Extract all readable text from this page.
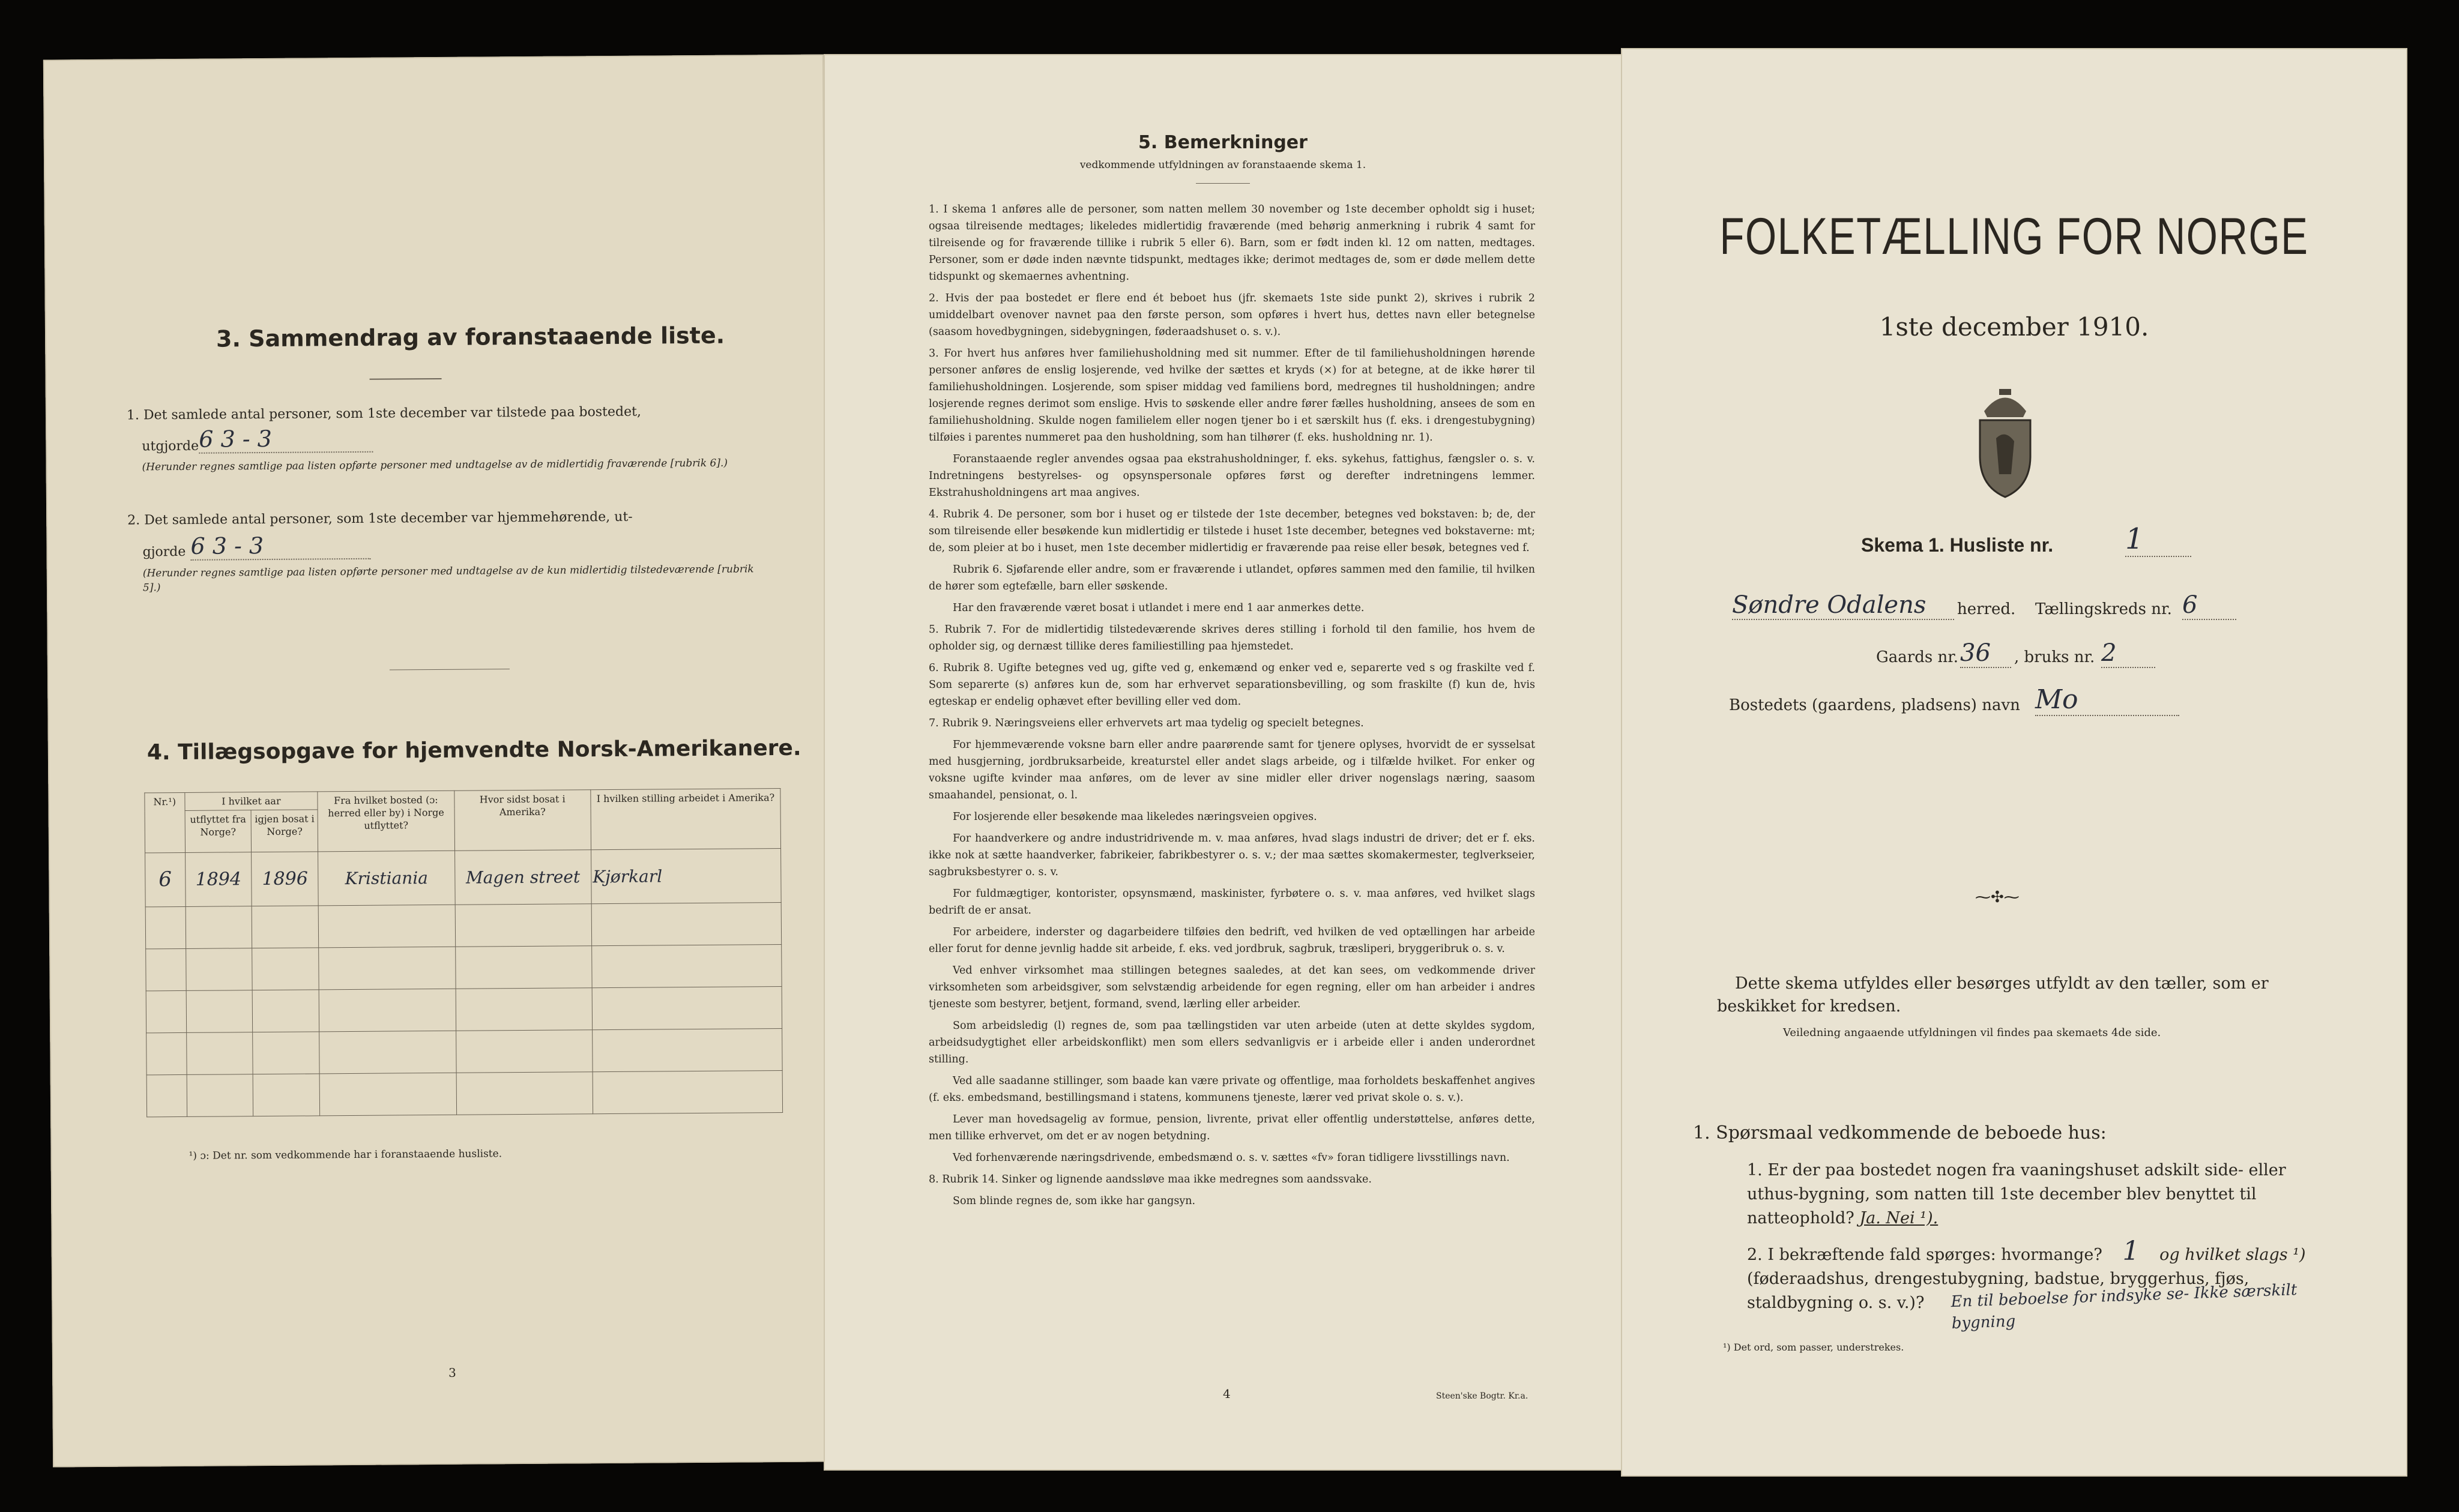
3. Sammendrag av foranstaaende liste.
1. Det samlede antal personer, som 1ste december var tilstede paa bostedet,
utgjorde 6 3 - 3
(Herunder regnes samtlige paa listen opførte personer med undtagelse av de midlertidig fraværende [rubrik 6].)
2. Det samlede antal personer, som 1ste december var hjemmehørende, ut-
gjorde 6 3 - 3
(Herunder regnes samtlige paa listen opførte personer med undtagelse av de kun midlertidig tilstedeværende [rubrik 5].)
4. Tillægsopgave for hjemvendte Norsk-Amerikanere.
Nr.¹)	I hvilket aar		Fra hvilket bosted (ɔ: herred eller by) i Norge utflyttet?	Hvor sidst bosat i Amerika?	I hvilken stilling arbeidet i Amerika?
	utflyttet fra Norge?	igjen bosat i Norge?			
6	1894	1896	Kristiania	Magen street	Kjørkarl

¹) ɔ: Det nr. som vedkommende har i foranstaaende husliste.
3
5. Bemerkninger
vedkommende utfyldningen av foranstaaende skema 1.

1. I skema 1 anføres alle de personer, som natten mellem 30 november og 1ste december opholdt sig i huset; ogsaa tilreisende medtages; likeledes midlertidig fraværende (med behørig anmerkning i rubrik 4 samt for tilreisende og for fraværende tillike i rubrik 5 eller 6). Barn, som er født inden kl. 12 om natten, medtages. Personer, som er døde inden nævnte tidspunkt, medtages ikke; derimot medtages de, som er døde mellem dette tidspunkt og skemaernes avhentning.

2. Hvis der paa bostedet er flere end ét beboet hus (jfr. skemaets 1ste side punkt 2), skrives i rubrik 2 umiddelbart ovenover navnet paa den første person, som opføres i hvert hus, dettes navn eller betegnelse (saasom hovedbygningen, sidebygningen, føderaadshuset o. s. v.).

3. For hvert hus anføres hver familiehusholdning med sit nummer. Efter de til familiehusholdningen hørende personer anføres de enslig losjerende, ved hvilke der sættes et kryds (×) for at betegne, at de ikke hører til familiehusholdningen. Losjerende, som spiser middag ved familiens bord, medregnes til husholdningen; andre losjerende regnes derimot som enslige. Hvis to søskende eller andre fører fælles husholdning, ansees de som en familiehusholdning. Skulde nogen familielem eller nogen tjener bo i et særskilt hus (f. eks. i drengestubygning) tilføies i parentes nummeret paa den husholdning, som han tilhører (f. eks. husholdning nr. 1).

Foranstaaende regler anvendes ogsaa paa ekstrahusholdninger, f. eks. sykehus, fattighus, fængsler o. s. v. Indretningens bestyrelses- og opsynspersonale opføres først og derefter indretningens lemmer. Ekstrahusholdningens art maa angives.

4. Rubrik 4. De personer, som bor i huset og er tilstede der 1ste december, betegnes ved bokstaven: b; de, der som tilreisende eller besøkende kun midlertidig er tilstede i huset 1ste december, betegnes ved bokstaverne: mt; de, som pleier at bo i huset, men 1ste december midlertidig er fraværende paa reise eller besøk, betegnes ved f.

Rubrik 6. Sjøfarende eller andre, som er fraværende i utlandet, opføres sammen med den familie, til hvilken de hører som egtefælle, barn eller søskende.

Har den fraværende været bosat i utlandet i mere end 1 aar anmerkes dette.

5. Rubrik 7. For de midlertidig tilstedeværende skrives deres stilling i forhold til den familie, hos hvem de opholder sig, og dernæst tillike deres familiestilling paa hjemstedet.

6. Rubrik 8. Ugifte betegnes ved ug, gifte ved g, enkemænd og enker ved e, separerte ved s og fraskilte ved f. Som separerte (s) anføres kun de, som har erhvervet separationsbevilling, og som fraskilte (f) kun de, hvis egteskap er endelig ophævet efter bevilling eller ved dom.

7. Rubrik 9. Næringsveiens eller erhvervets art maa tydelig og specielt betegnes.

For hjemmeværende voksne barn eller andre paarørende samt for tjenere oplyses, hvorvidt de er sysselsat med husgjerning, jordbruksarbeide, kreaturstel eller andet slags arbeide, og i tilfælde hvilket. For enker og voksne ugifte kvinder maa anføres, om de lever av sine midler eller driver nogenslags næring, saasom smaahandel, pensionat, o. l.

For losjerende eller besøkende maa likeledes næringsveien opgives.

For haandverkere og andre industridrivende m. v. maa anføres, hvad slags industri de driver; det er f. eks. ikke nok at sætte haandverker, fabrikeier, fabrikbestyrer o. s. v.; der maa sættes skomakermester, teglverkseier, sagbruksbestyrer o. s. v.

For fuldmægtiger, kontorister, opsynsmænd, maskinister, fyrbøtere o. s. v. maa anføres, ved hvilket slags bedrift de er ansat.

For arbeidere, inderster og dagarbeidere tilføies den bedrift, ved hvilken de ved optællingen har arbeide eller forut for denne jevnlig hadde sit arbeide, f. eks. ved jordbruk, sagbruk, træsliperi, bryggeribruk o. s. v.

Ved enhver virksomhet maa stillingen betegnes saaledes, at det kan sees, om vedkommende driver virksomheten som arbeidsgiver, som selvstændig arbeidende for egen regning, eller om han arbeider i andres tjeneste som bestyrer, betjent, formand, svend, lærling eller arbeider.

Som arbeidsledig (l) regnes de, som paa tællingstiden var uten arbeide (uten at dette skyldes sygdom, arbeidsudygtighet eller arbeidskonflikt) men som ellers sedvanligvis er i arbeide eller i anden underordnet stilling.

Ved alle saadanne stillinger, som baade kan være private og offentlige, maa forholdets beskaffenhet angives (f. eks. embedsmand, bestillingsmand i statens, kommunens tjeneste, lærer ved privat skole o. s. v.).

Lever man hovedsagelig av formue, pension, livrente, privat eller offentlig understøttelse, anføres dette, men tillike erhvervet, om det er av nogen betydning.

Ved forhenværende næringsdrivende, embedsmænd o. s. v. sættes «fv» foran tidligere livsstillings navn.

8. Rubrik 14. Sinker og lignende aandssløve maa ikke medregnes som aandssvake.

Som blinde regnes de, som ikke har gangsyn.

4	Steen'ske Bogtr. Kr.a.
FOLKETÆLLING FOR NORGE
1ste december 1910.
Skema 1. Husliste nr. 1
Søndre Odalens	herred. Tællingskreds nr. 6
Gaards nr. 36	, bruks nr. 2
Bostedets (gaardens, pladsens) navn Mo
⁓✣⁓
Dette skema utfyldes eller besørges utfyldt av den tæller, som er beskikket for kredsen.
Veiledning angaaende utfyldningen vil findes paa skemaets 4de side.
1. Spørsmaal vedkommende de beboede hus:
1. Er der paa bostedet nogen fra vaaningshuset adskilt side- eller uthus-bygning, som natten till 1ste december blev benyttet til natteophold? Ja. Nei ¹).
2. I bekræftende fald spørges: hvormange? 1 og hvilket slags ¹)
(føderaadshus, drengestubygning, badstue, bryggerhus, fjøs, staldbygning o. s. v.)?	En til beboelse for indsyke se- Ikke særskilt bygning
¹) Det ord, som passer, understrekes.
